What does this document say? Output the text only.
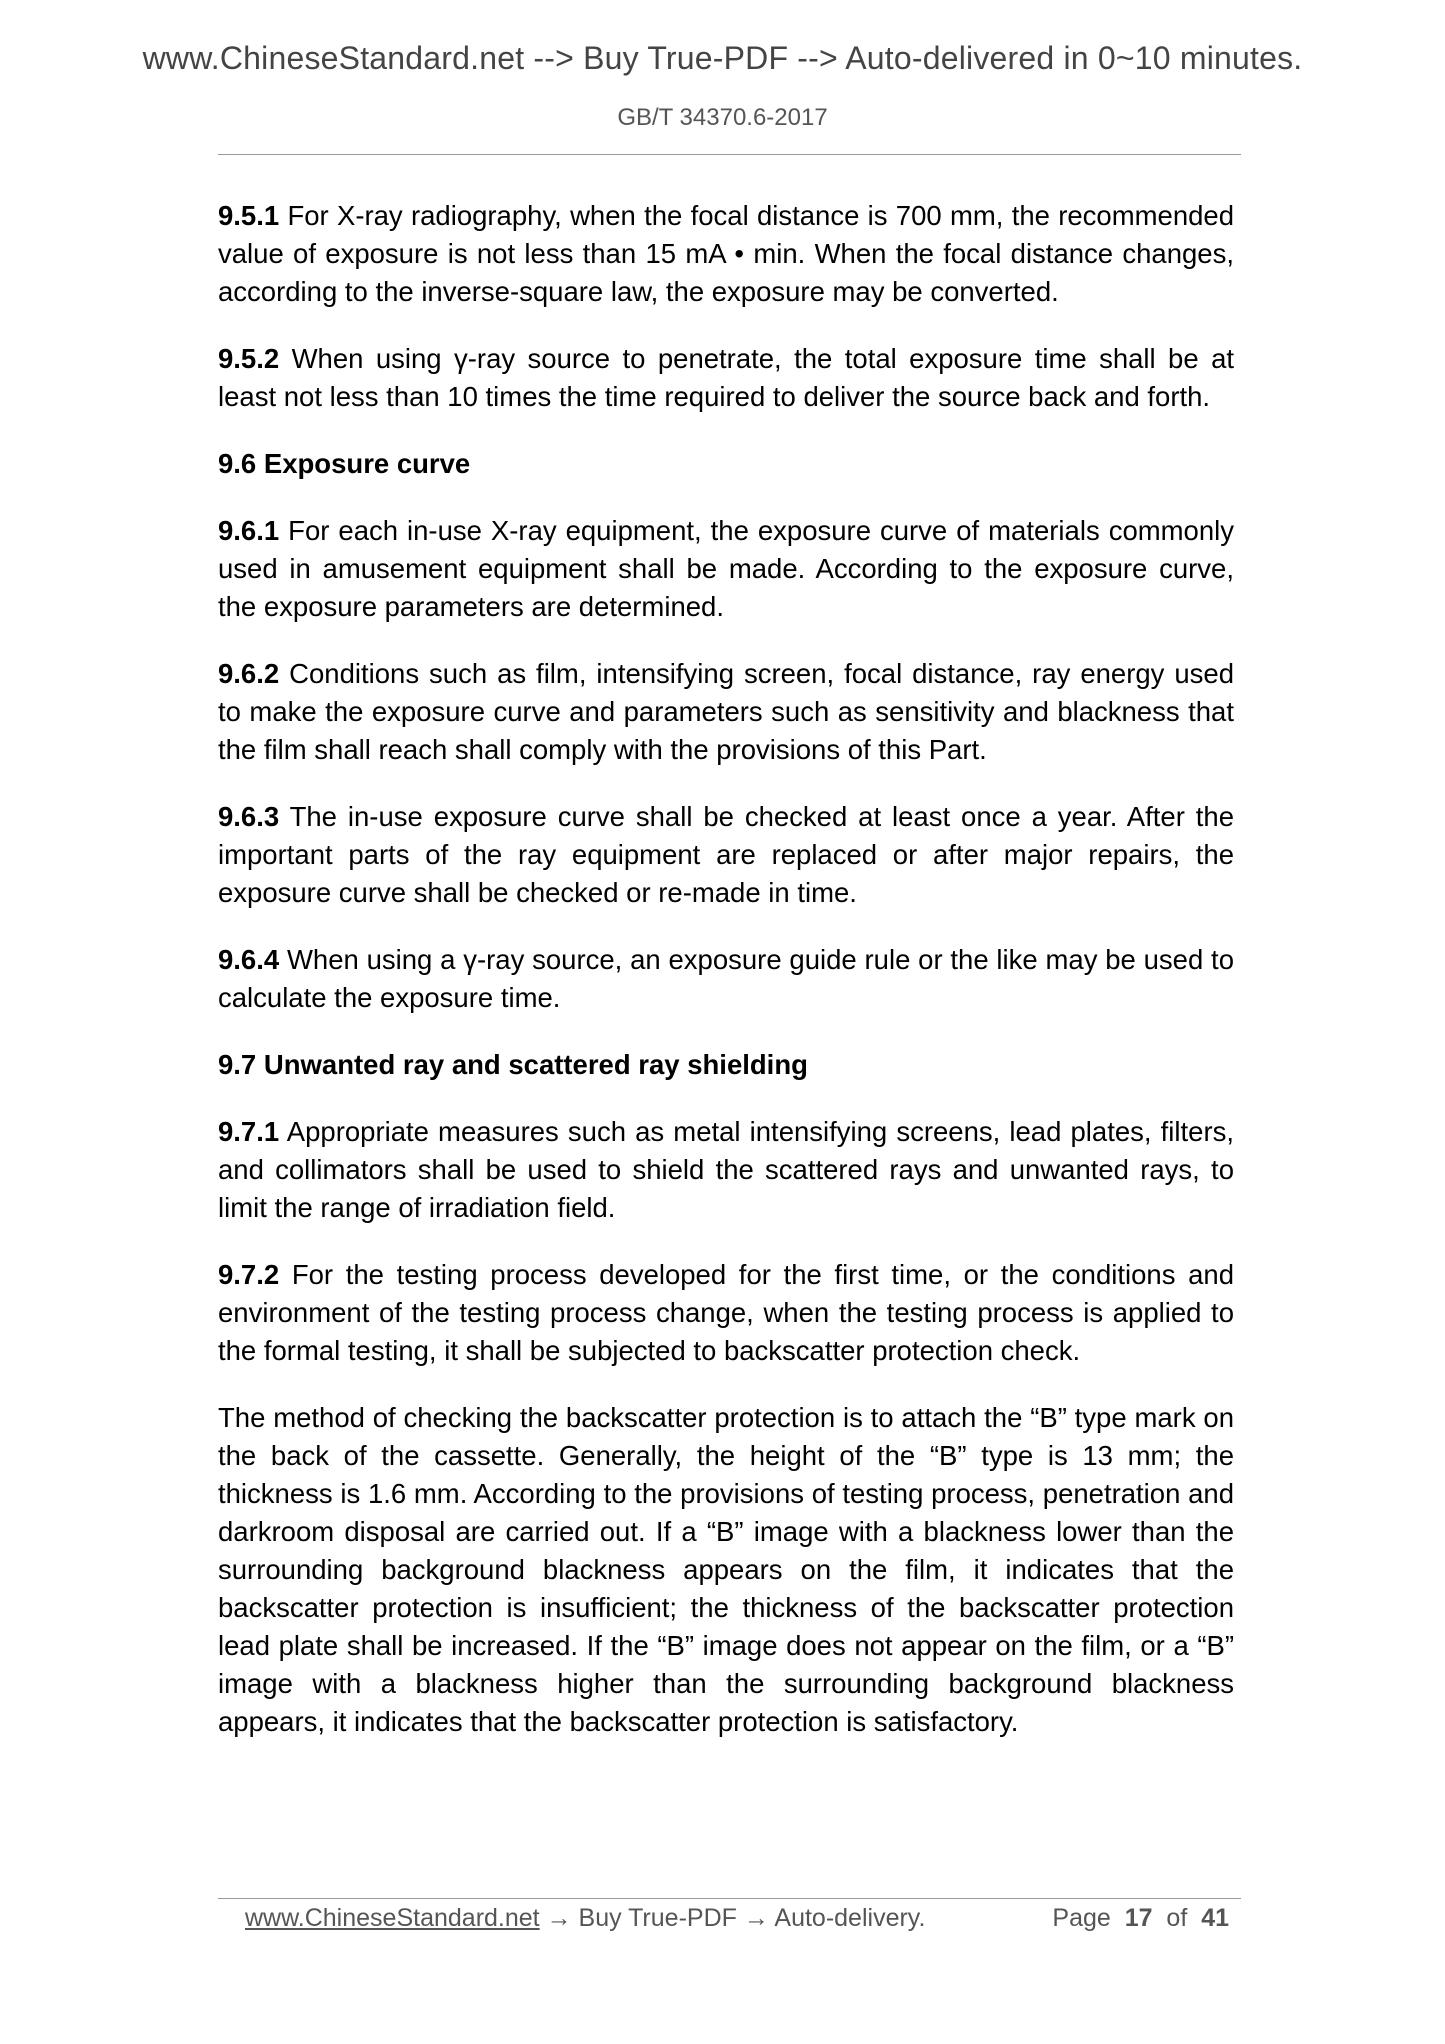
www.ChineseStandard.net --> Buy True-PDF --> Auto-delivered in 0~10 minutes.
GB/T 34370.6-2017

9.5.1 For X-ray radiography, when the focal distance is 700 mm, the recommended value of exposure is not less than 15 mA • min. When the focal distance changes, according to the inverse-square law, the exposure may be converted.

9.5.2 When using γ-ray source to penetrate, the total exposure time shall be at least not less than 10 times the time required to deliver the source back and forth.

9.6 Exposure curve

9.6.1 For each in-use X-ray equipment, the exposure curve of materials commonly used in amusement equipment shall be made. According to the exposure curve, the exposure parameters are determined.

9.6.2 Conditions such as film, intensifying screen, focal distance, ray energy used to make the exposure curve and parameters such as sensitivity and blackness that the film shall reach shall comply with the provisions of this Part.

9.6.3 The in-use exposure curve shall be checked at least once a year. After the important parts of the ray equipment are replaced or after major repairs, the exposure curve shall be checked or re-made in time.

9.6.4 When using a γ-ray source, an exposure guide rule or the like may be used to calculate the exposure time.

9.7 Unwanted ray and scattered ray shielding

9.7.1 Appropriate measures such as metal intensifying screens, lead plates, filters, and collimators shall be used to shield the scattered rays and unwanted rays, to limit the range of irradiation field.

9.7.2 For the testing process developed for the first time, or the conditions and environment of the testing process change, when the testing process is applied to the formal testing, it shall be subjected to backscatter protection check.

The method of checking the backscatter protection is to attach the “B” type mark on the back of the cassette. Generally, the height of the “B” type is 13 mm; the thickness is 1.6 mm. According to the provisions of testing process, penetration and darkroom disposal are carried out. If a “B” image with a blackness lower than the surrounding background blackness appears on the film, it indicates that the backscatter protection is insufficient; the thickness of the backscatter protection lead plate shall be increased. If the “B” image does not appear on the film, or a “B” image with a blackness higher than the surrounding background blackness appears, it indicates that the backscatter protection is satisfactory.

www.ChineseStandard.net → Buy True-PDF → Auto-delivery.	Page 17 of 41
